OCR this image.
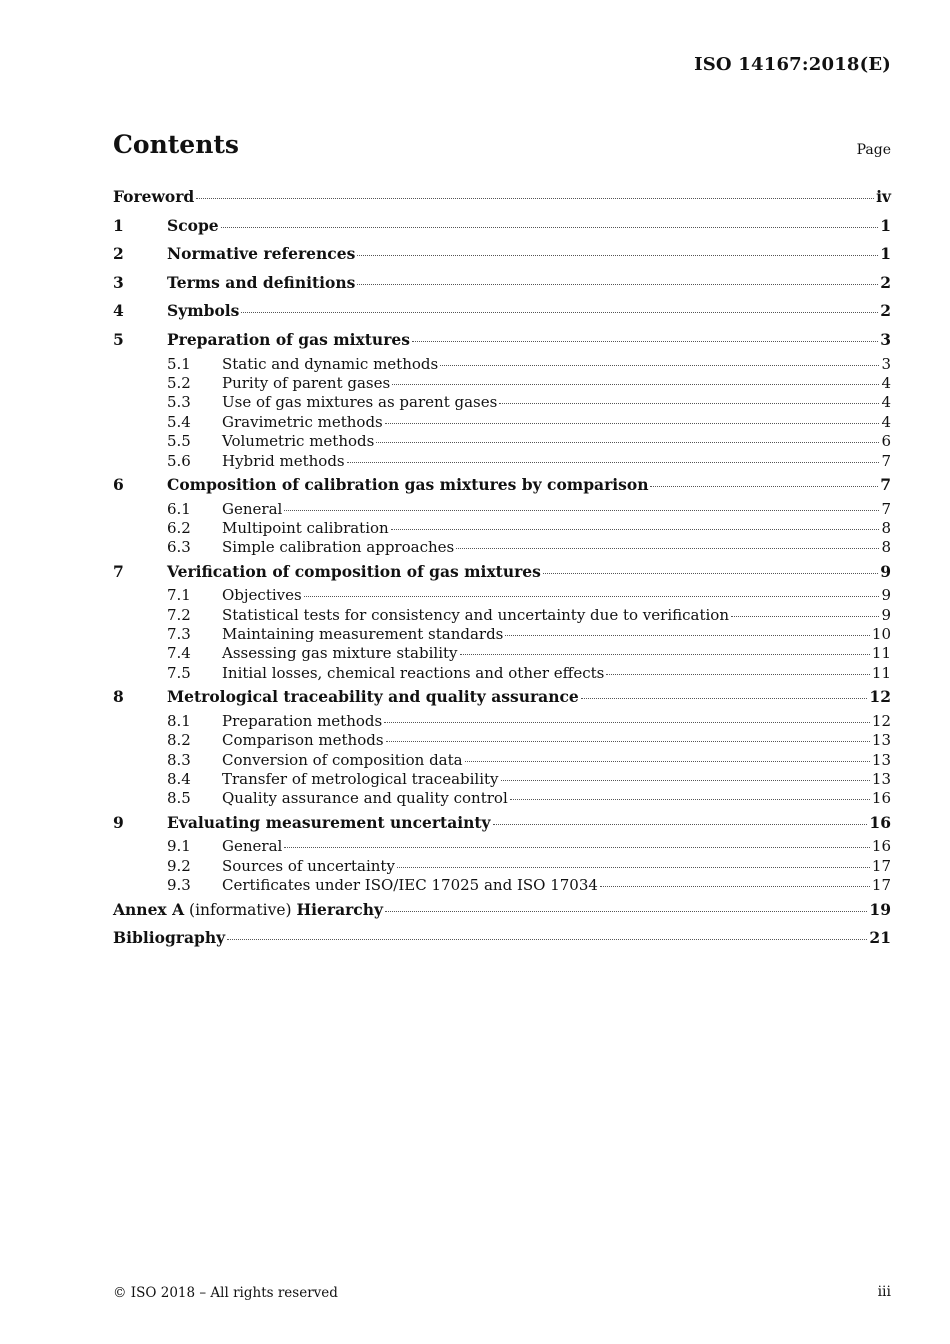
ISO 14167:2018(E)
Contents	Page
Foreword	iv
1	Scope	1
2	Normative references	1
3	Terms and definitions	2
4	Symbols	2
5	Preparation of gas mixtures	3
5.1	Static and dynamic methods	3
5.2	Purity of parent gases	4
5.3	Use of gas mixtures as parent gases	4
5.4	Gravimetric methods	4
5.5	Volumetric methods	6
5.6	Hybrid methods	7
6	Composition of calibration gas mixtures by comparison	7
6.1	General	7
6.2	Multipoint calibration	8
6.3	Simple calibration approaches	8
7	Verification of composition of gas mixtures	9
7.1	Objectives	9
7.2	Statistical tests for consistency and uncertainty due to verification	9
7.3	Maintaining measurement standards	10
7.4	Assessing gas mixture stability	11
7.5	Initial losses, chemical reactions and other effects	11
8	Metrological traceability and quality assurance	12
8.1	Preparation methods	12
8.2	Comparison methods	13
8.3	Conversion of composition data	13
8.4	Transfer of metrological traceability	13
8.5	Quality assurance and quality control	16
9	Evaluating measurement uncertainty	16
9.1	General	16
9.2	Sources of uncertainty	17
9.3	Certificates under ISO/IEC 17025 and ISO 17034	17
Annex A (informative) Hierarchy	19
Bibliography	21
© ISO 2018 – All rights reserved	iii
